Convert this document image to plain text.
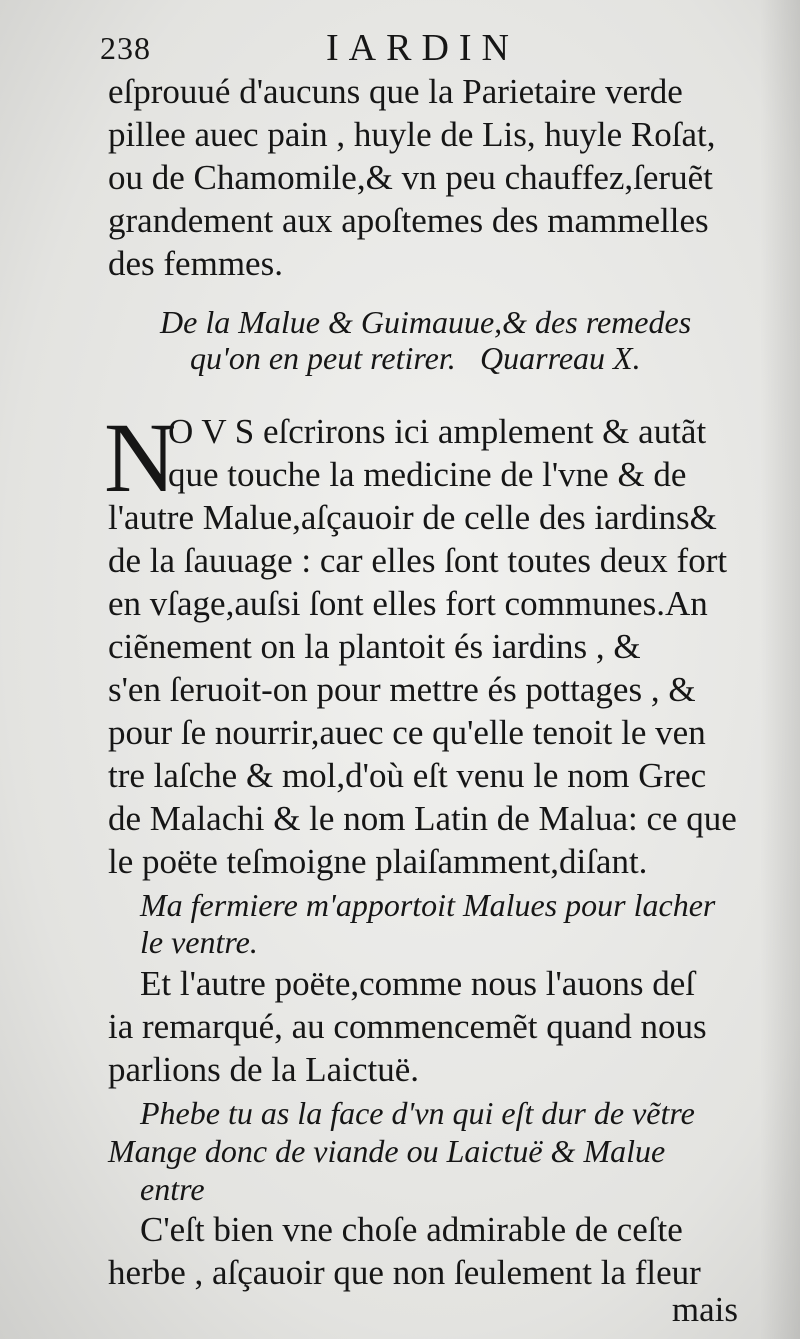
238	IARDIN
eſprouué d'aucuns que la Parietaire verde
pillee auec pain , huyle de Lis, huyle Roſat,
ou de Chamomile,& vn peu chauffez,ſeruẽt
grandement aux apoſtemes des mammelles
des femmes.
De la Malue & Guimauue,& des remedes
qu'on en peut retirer. Quarreau X.
N
O V S eſcrirons ici amplement & autãt
que touche la medicine de l'vne & de
l'autre Malue,aſçauoir de celle des iardins&
de la ſauuage : car elles ſont toutes deux fort
en vſage,auſsi ſont elles fort communes.An
ciẽnement on la plantoit és iardins , &
s'en ſeruoit-on pour mettre és pottages , &
pour ſe nourrir,auec ce qu'elle tenoit le ven
tre laſche & mol,d'où eſt venu le nom Grec
de Malachi & le nom Latin de Malua: ce que
le poëte teſmoigne plaiſamment,diſant.
Ma fermiere m'apportoit Malues pour lacher
le ventre.
Et l'autre poëte,comme nous l'auons deſ
ia remarqué, au commencemẽt quand nous
parlions de la Laictuë.
Phebe tu as la face d'vn qui eſt dur de vẽtre
Mange donc de viande ou Laictuë & Malue
entre
C'eſt bien vne choſe admirable de ceſte
herbe , aſçauoir que non ſeulement la fleur
mais
